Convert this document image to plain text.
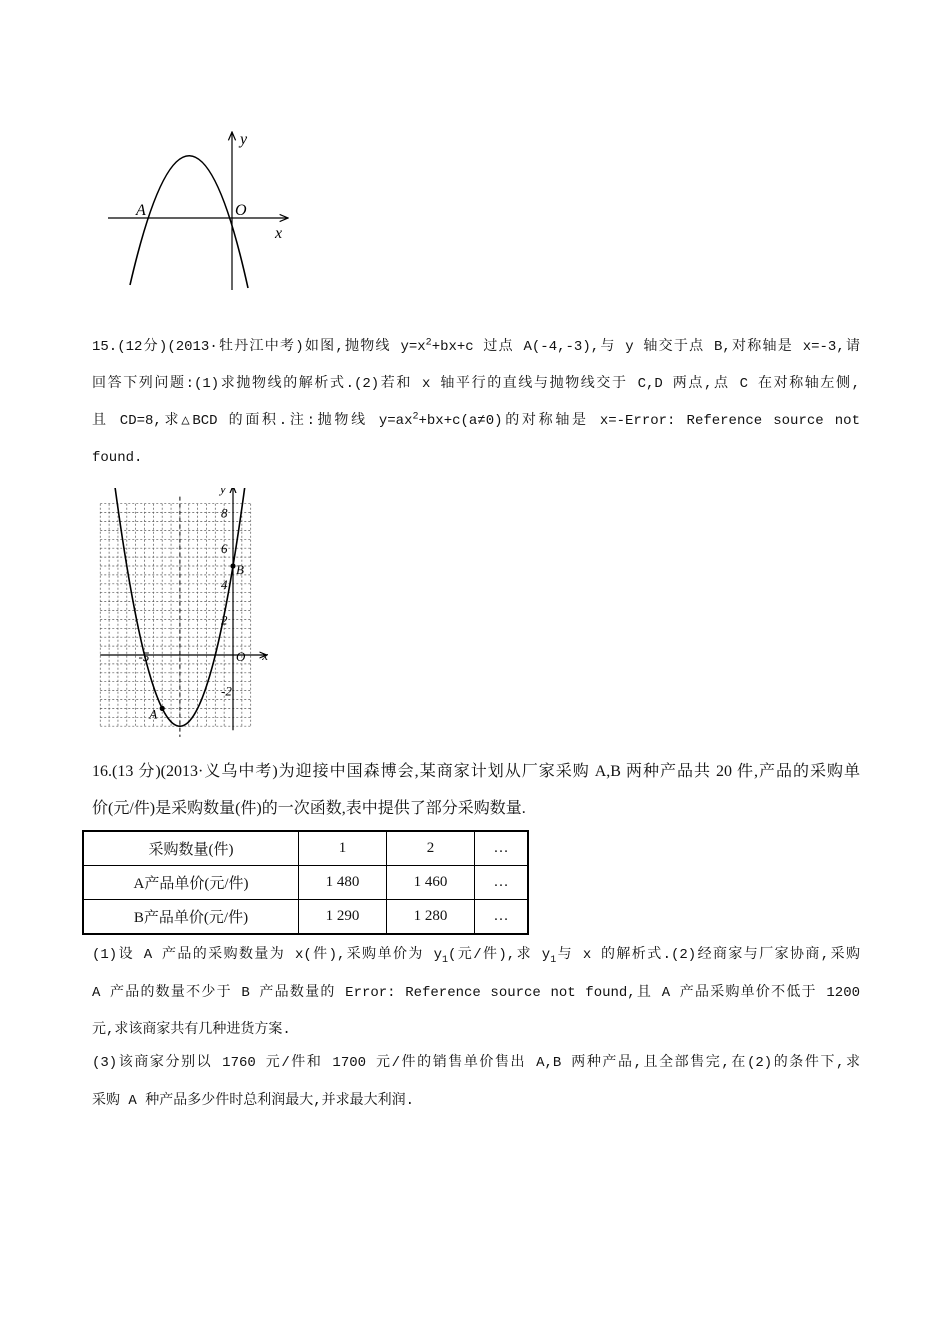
y
x
A	O
15.(12分)(2013·牡丹江中考)如图,抛物线 $y=x^2+bx+c$ 过点 A(-4,-3),与 y 轴交于点 B,对称轴是 x=-3,请
回答下列问题:(1)求抛物线的解析式.(2)若和 x 轴平行的直线与抛物线交于 C,D 两点,点 C 在对称轴左侧,
且 CD=8,求△BCD 的面积.注:抛物线 $y=ax^2+bx+c(a\ne 0)$的对称轴是 x=-Error: Reference source not
found.
8
6
4
2
-2
-5
y
x
O
A
B
16.(13 分)(2013·义乌中考)为迎接中国森博会,某商家计划从厂家采购 A,B 两种产品共 20 件,产品的采购单
价(元/件)是采购数量(件)的一次函数,表中提供了部分采购数量.
采购数量(件)	1	2	…
A产品单价(元/件)	1 480	1 460	…
B产品单价(元/件)	1 290	1 280	…
(1)设 A 产品的采购数量为 x(件),采购单价为 $y_1$(元/件),求 $y_1$与 x 的解析式.(2)经商家与厂家协商,采购
A 产品的数量不少于 B 产品数量的 Error: Reference source not found,且 A 产品采购单价不低于 1200
元,求该商家共有几种进货方案.
(3)该商家分别以 1760 元/件和 1700 元/件的销售单价售出 A,B 两种产品,且全部售完,在(2)的条件下,求
采购 A 种产品多少件时总利润最大,并求最大利润.
